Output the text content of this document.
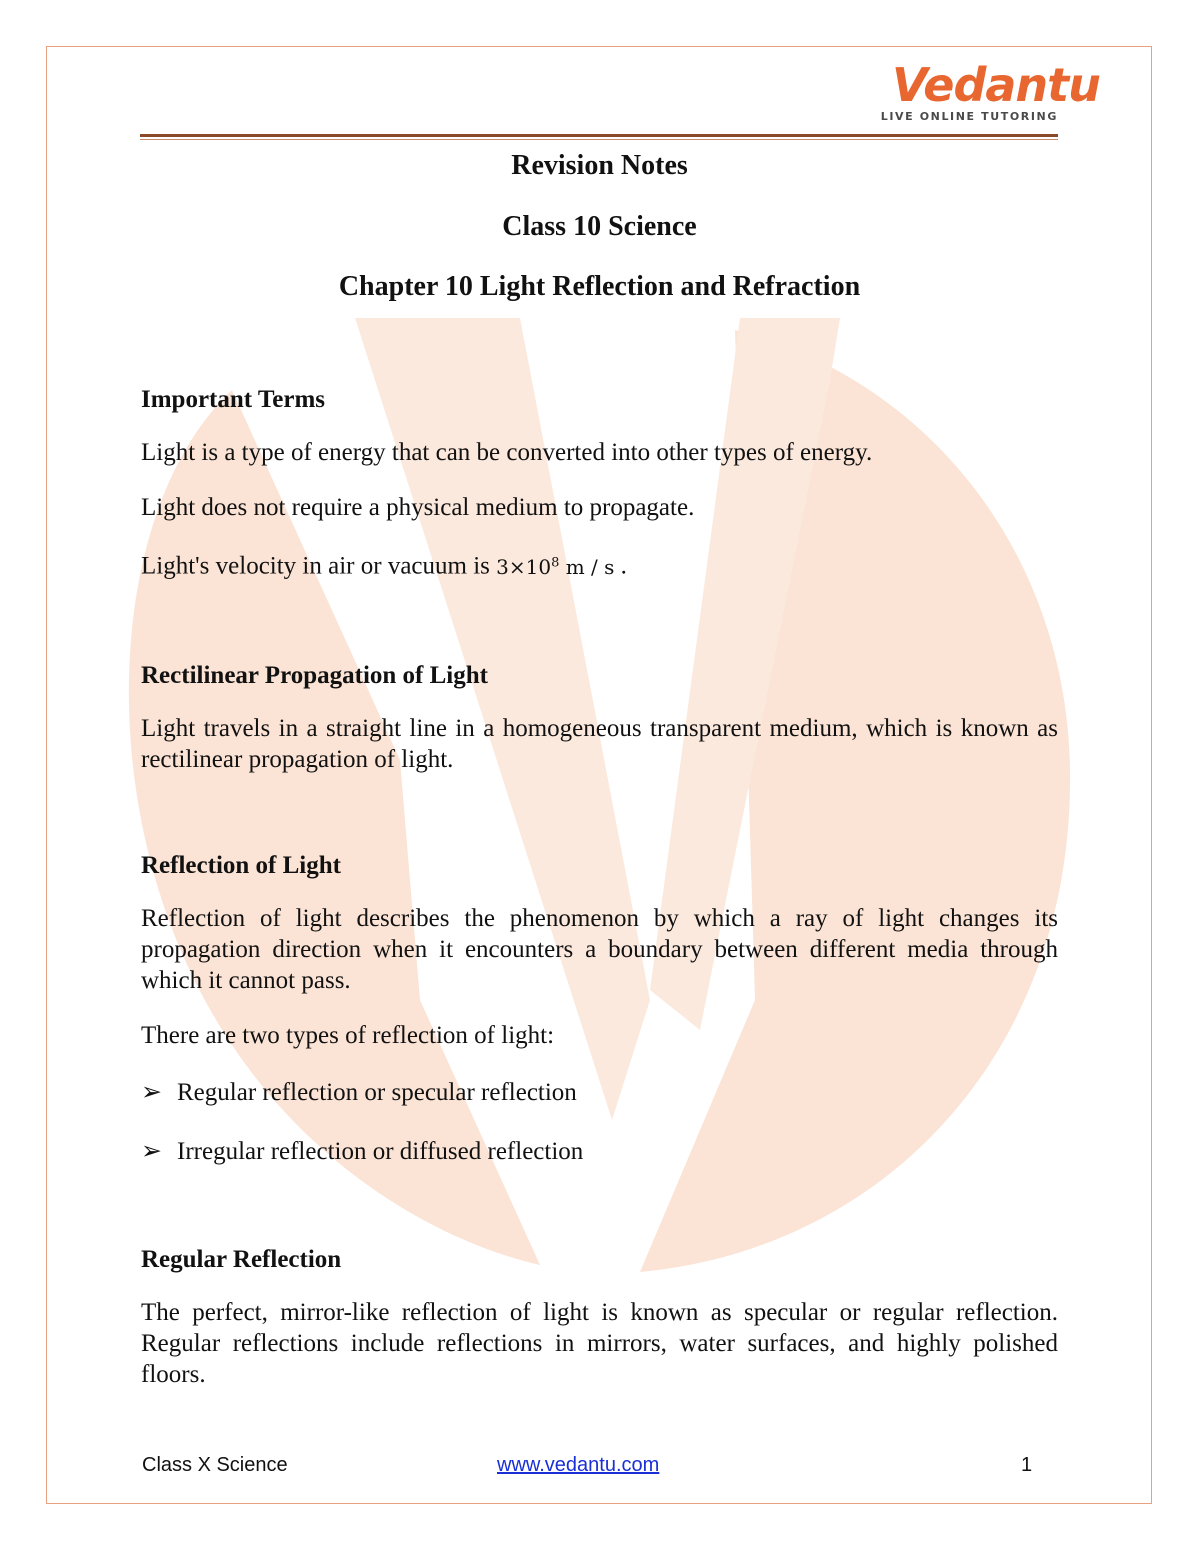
Vedantu
LIVE ONLINE TUTORING
Revision Notes
Class 10 Science
Chapter 10 Light Reflection and Refraction
Important Terms

Light is a type of energy that can be converted into other types of energy.

Light does not require a physical medium to propagate.

Light's velocity in air or vacuum is $3\times 10^8$ m / s .

Rectilinear Propagation of Light

Light travels in a straight line in a homogeneous transparent medium, which is known as rectilinear propagation of light.

Reflection of Light

Reflection of light describes the phenomenon by which a ray of light changes its propagation direction when it encounters a boundary between different media through which it cannot pass.

There are two types of reflection of light:

➢ Regular reflection or specular reflection
➢ Irregular reflection or diffused reflection
Regular Reflection

The perfect, mirror-like reflection of light is known as specular or regular reflection. Regular reflections include reflections in mirrors, water surfaces, and highly polished floors.

Class X Science	www.vedantu.com	1
